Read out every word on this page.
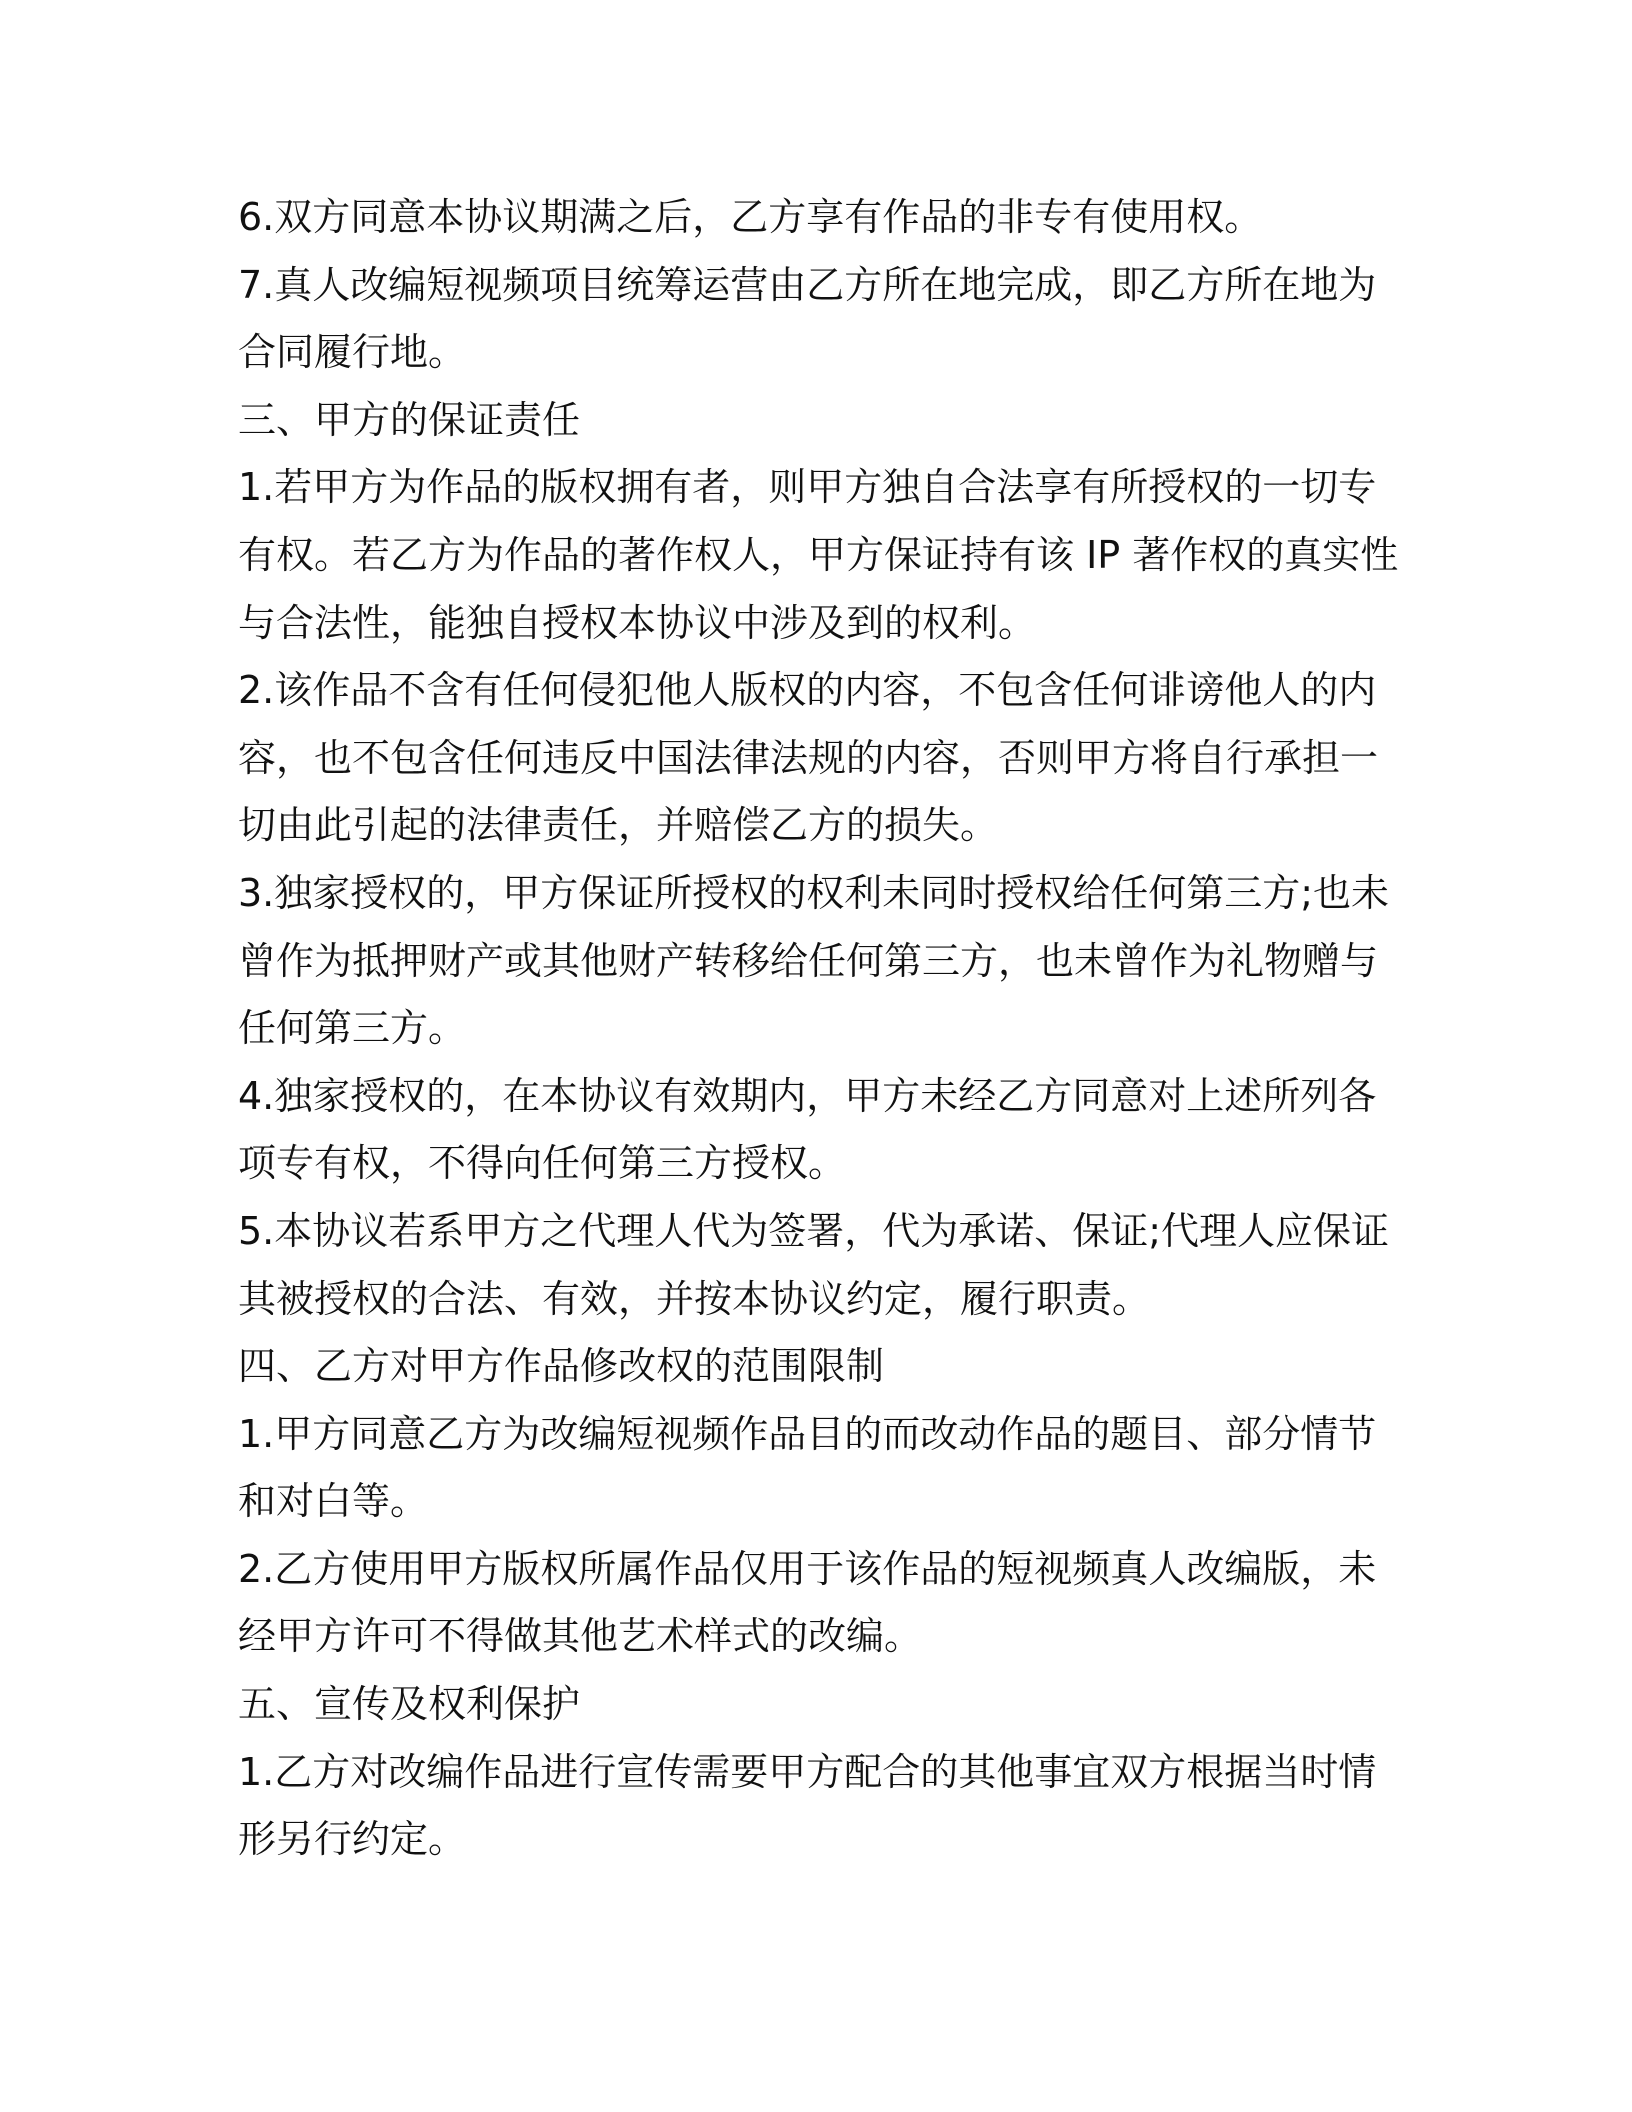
6.双方同意本协议期满之后，乙方享有作品的非专有使用权。
7.真人改编短视频项目统筹运营由乙方所在地完成，即乙方所在地为
合同履行地。
三、甲方的保证责任
1.若甲方为作品的版权拥有者，则甲方独自合法享有所授权的一切专
有权。若乙方为作品的著作权人，甲方保证持有该 IP 著作权的真实性
与合法性，能独自授权本协议中涉及到的权利。
2.该作品不含有任何侵犯他人版权的内容，不包含任何诽谤他人的内
容，也不包含任何违反中国法律法规的内容，否则甲方将自行承担一
切由此引起的法律责任，并赔偿乙方的损失。
3.独家授权的，甲方保证所授权的权利未同时授权给任何第三方;也未
曾作为抵押财产或其他财产转移给任何第三方，也未曾作为礼物赠与
任何第三方。
4.独家授权的，在本协议有效期内，甲方未经乙方同意对上述所列各
项专有权，不得向任何第三方授权。
5.本协议若系甲方之代理人代为签署，代为承诺、保证;代理人应保证
其被授权的合法、有效，并按本协议约定，履行职责。
四、乙方对甲方作品修改权的范围限制
1.甲方同意乙方为改编短视频作品目的而改动作品的题目、部分情节
和对白等。
2.乙方使用甲方版权所属作品仅用于该作品的短视频真人改编版，未
经甲方许可不得做其他艺术样式的改编。
五、宣传及权利保护
1.乙方对改编作品进行宣传需要甲方配合的其他事宜双方根据当时情
形另行约定。
